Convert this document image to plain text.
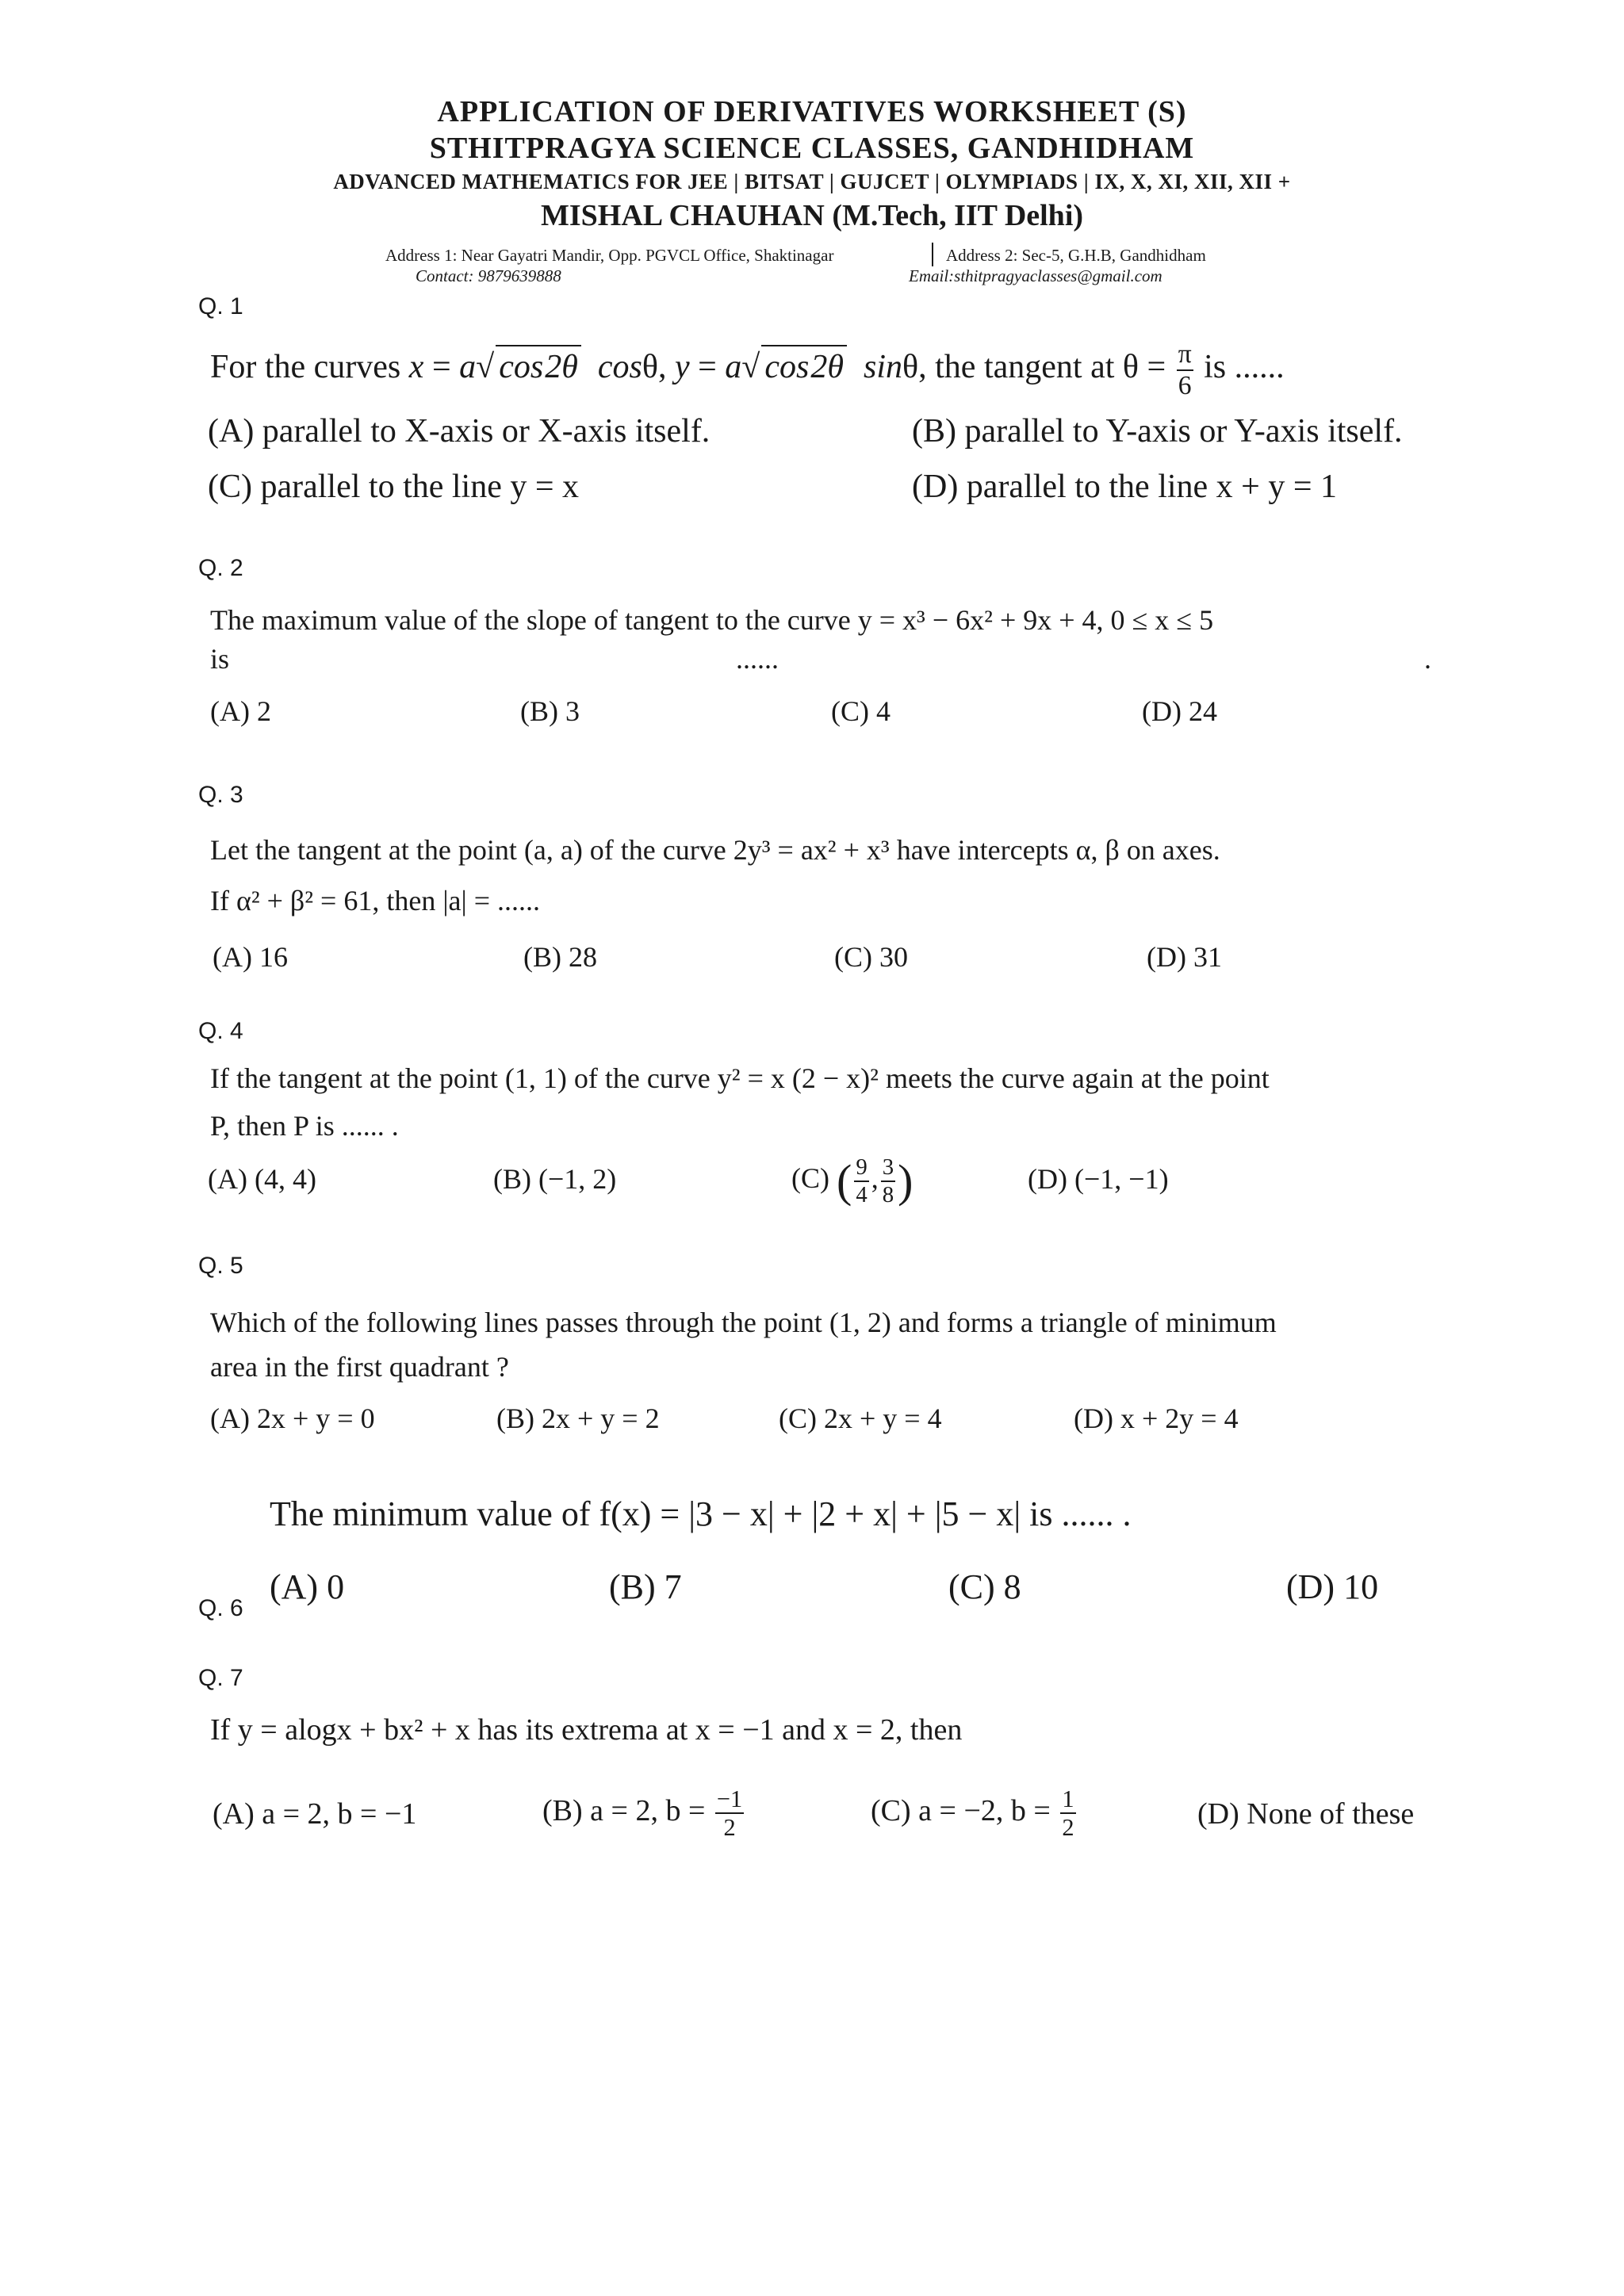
APPLICATION OF DERIVATIVES WORKSHEET (S)
STHITPRAGYA SCIENCE CLASSES, GANDHIDHAM
ADVANCED MATHEMATICS FOR JEE | BITSAT | GUJCET | OLYMPIADS | IX, X, XI, XII, XII +
MISHAL CHAUHAN (M.Tech, IIT Delhi)
Address 1: Near Gayatri Mandir, Opp. PGVCL Office, Shaktinagar	Address 2: Sec-5, G.H.B, Gandhidham
Contact: 9879639888	Email:sthitpragyaclasses@gmail.com
Q. 1
For the curves x = a√ cos2θ cosθ, y = a√ cos2θ sinθ, the tangent at $\theta = \frac{\pi}{6}$ is ......
(A) parallel to X-axis or X-axis itself.	(B) parallel to Y-axis or Y-axis itself.
(C) parallel to the line y = x	(D) parallel to the line x + y = 1
Q. 2
The maximum value of the slope of tangent to the curve y = x³ − 6x² + 9x + 4, 0 ≤ x ≤ 5
is	......	.
(A) 2	(B) 3	(C) 4	(D) 24
Q. 3
Let the tangent at the point (a, a) of the curve 2y³ = ax² + x³ have intercepts α, β on axes.
If α² + β² = 61, then |a| = ......
(A) 16	(B) 28	(C) 30	(D) 31
Q. 4
If the tangent at the point (1, 1) of the curve y² = x (2 − x)² meets the curve again at the point
P, then P is ...... .
(A) (4, 4)	(B) (−1, 2)	(C) ( $\frac{9}{4}$ , $\frac{3}{8}$ )	(D) (−1, −1)
Q. 5
Which of the following lines passes through the point (1, 2) and forms a triangle of minimum
area in the first quadrant ?
(A) 2x + y = 0	(B) 2x + y = 2	(C) 2x + y = 4	(D) x + 2y = 4
The minimum value of f(x) = |3 − x| + |2 + x| + |5 − x| is ...... .
Q. 6
(A) 0	(B) 7	(C) 8	(D) 10
Q. 7
If y = alogx + bx² + x has its extrema at x = −1 and x = 2, then
(A) a = 2, b = −1	(B) a = 2, $b = \frac{-1}{2}$	(C) a = −2, $b = \frac{1}{2}$	(D) None of these
